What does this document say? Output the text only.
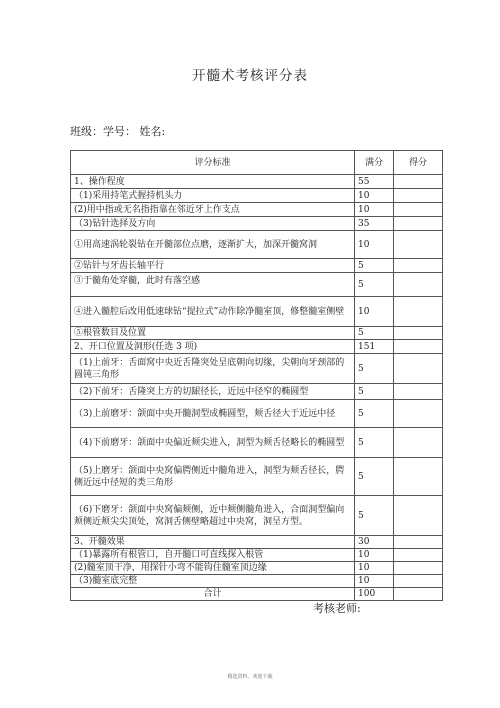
开髓术考核评分表
班级：学号： 姓名:
评分标准	满分	得分
1、操作程度	55	
（1)采用持笔式握持机头力	10	
(2)用中指或无名指指靠在邻近牙上作支点	10	
（3)钻针选择及方向	35	
①用高速涡轮裂钻在开髓部位点磨，逐渐扩大，加深开髓窝洞	10	
②钻针与牙齿长轴平行	5	
③于髓角处穿髓，此时有落空感	5	
④进入髓腔后改用低速球钻“提拉式”动作除净髓室顶，修整髓室侧壁	10	
⑤根管数目及位置	5	
2、开口位置及洞形(任选 3 项)	151	
（1)上前牙：舌面窝中央近舌隆突处呈底朝向切缘，尖朝向牙颈部的圆钝三角形	5	
（2)下前牙：舌隆突上方的切龈径长，近远中径窄的椭圆型	5	
（3)上前磨牙：颌面中央开髓洞型成椭圆型，颊舌径大于近远中径	5	
（4)下前磨牙：颌面中央偏近颊尖进入，洞型为颊舌径略长的椭圆型	5	
（5)上磨牙：颌面中央窝偏腭侧近中髓角进入，洞型为颊舌径长，腭侧近远中径短的类三角形	5	
（6)下磨牙：颌面中央窝偏颊侧，近中颊侧髓角进入，合面洞型偏向颊侧近颊尖尖顶处，窝洞舌侧壁略超过中央窝，洞呈方型。	5	
3、开髓效果	30	
（1)暴露所有根管口，自开髓口可直线探入根管	10	
(2)髓室顶干净，用探针小弯不能钩住髓室顶边缘	10	
（3)髓室底完整	10	
合计	100	
考核老师:
精选资料，欢迎下载
